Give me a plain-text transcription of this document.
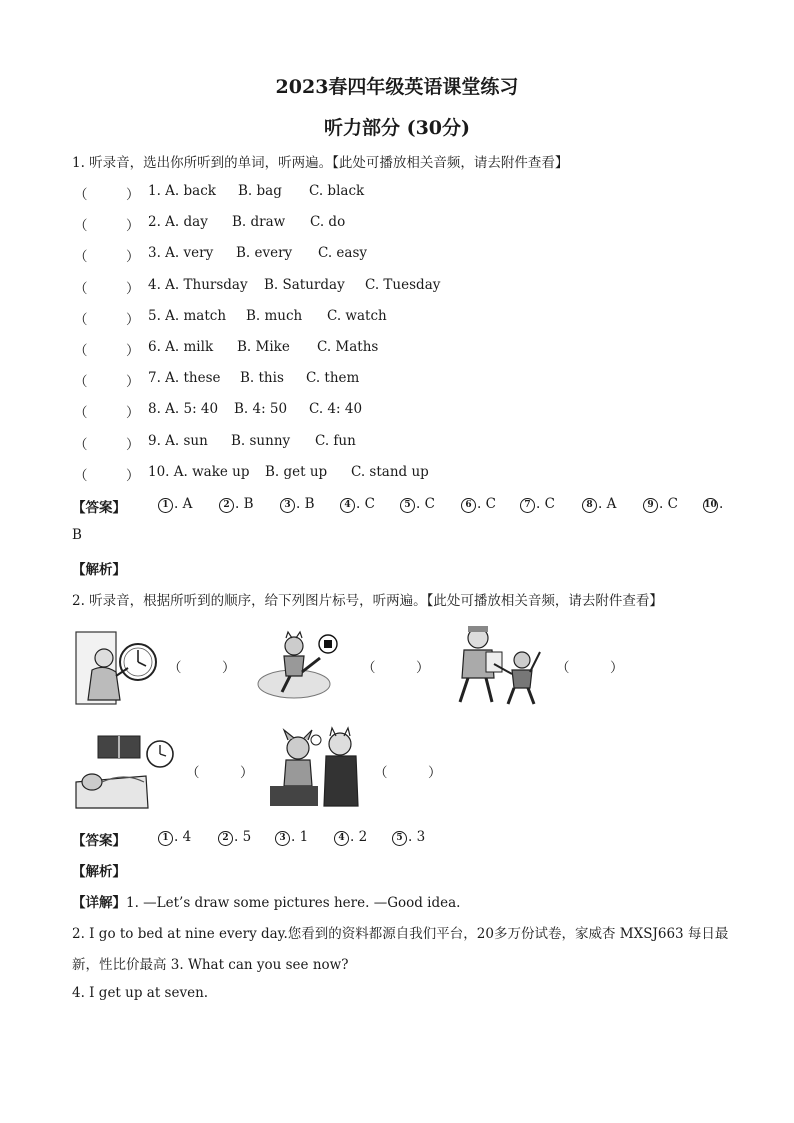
2023春四年级英语课堂练习
听力部分 (30分)
1. 听录音，选出你所听到的单词，听两遍。【此处可播放相关音频，请去附件查看】
（	） 1. A. back B. bag C. black
（	） 2. A. day B. draw C. do
（	） 3. A. very B. every C. easy
（	） 4. A. Thursday B. Saturday C. Tuesday
（	） 5. A. match B. much C. watch
（	） 6. A. milk B. Mike C. Maths
（	） 7. A. these B. this C. them
（	） 8. A. 5: 40 B. 4: 50 C. 4: 40
（	） 9. A. sun B. sunny C. fun
（	） 10. A. wake up B. get up C. stand up
【答案】	1 . A	2 . B	3 . B	4 . C	5 . C	6 . C	7 . C	8 . A	9 . C	10 .
B
【解析】
2. 听录音，根据所听到的顺序，给下列图片标号，听两遍。【此处可播放相关音频，请去附件查看】
（　　　）	（　　　）	（　　　）
（　　　）	（　　　）
【答案】	1 . 4	2 . 5	3 . 1	4 . 2	5 . 3
【解析】
【详解】1. —Let’s draw some pictures here. —Good idea.
2. I go to bed at nine every day.您看到的资料都源自我们平台，20多万份试卷，家威杏 MXSJ663 每日最
新，性比价最高 3. What can you see now?
4. I get up at seven.
